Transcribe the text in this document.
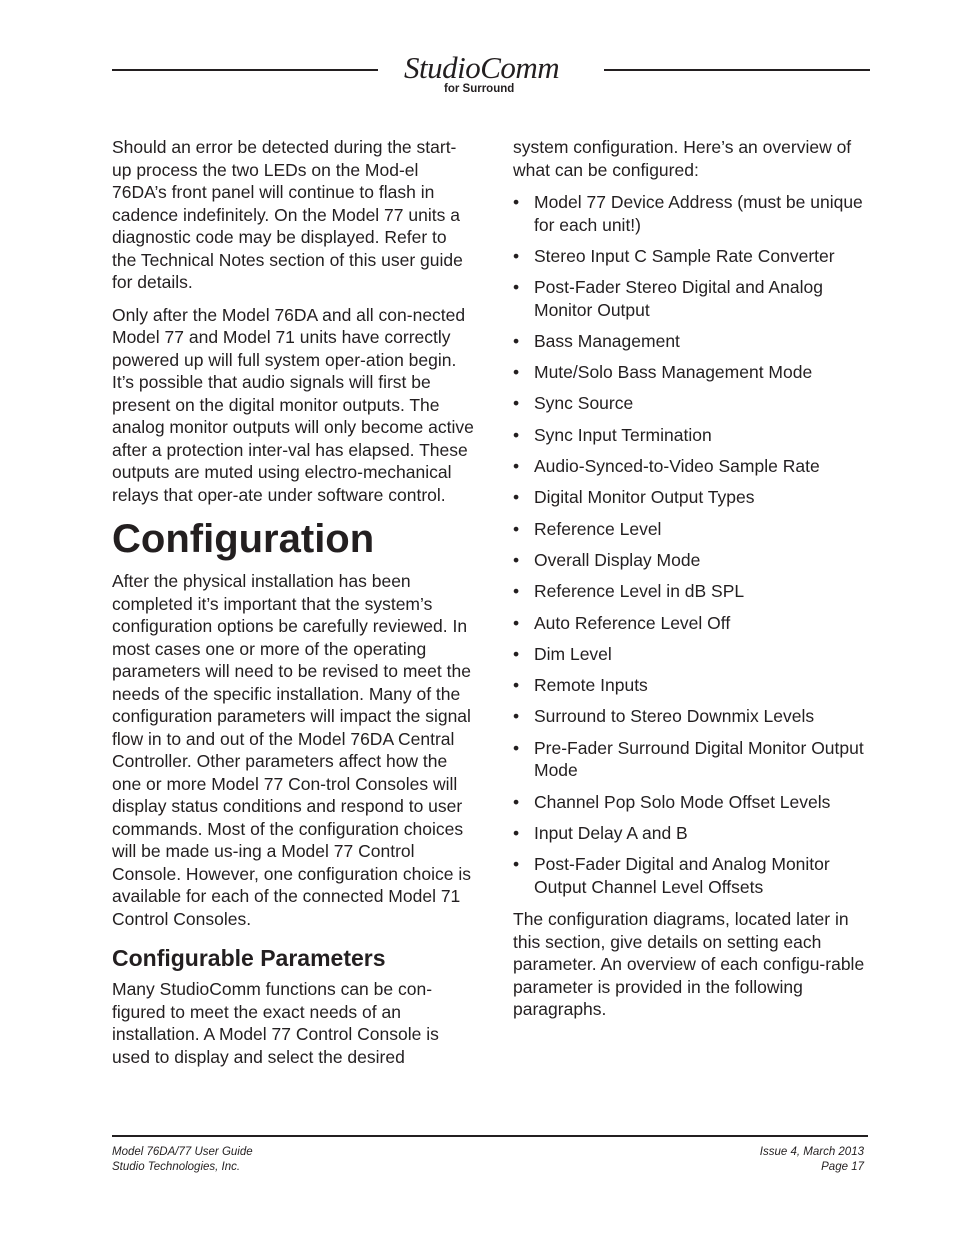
StudioComm
for Surround

Should an error be detected during the start-up process the two LEDs on the Mod-el 76DA’s front panel will continue to flash in cadence indefinitely. On the Model 77 units a diagnostic code may be displayed. Refer to the Technical Notes section of this user guide for details.

Only after the Model 76DA and all con-nected Model 77 and Model 71 units have correctly powered up will full system oper-ation begin. It’s possible that audio signals will first be present on the digital monitor outputs. The analog monitor outputs will only become active after a protection inter-val has elapsed. These outputs are muted using electro-mechanical relays that oper-ate under software control.

Configuration

After the physical installation has been completed it’s important that the system’s configuration options be carefully reviewed. In most cases one or more of the operating parameters will need to be revised to meet the needs of the specific installation. Many of the configuration parameters will impact the signal flow in to and out of the Model 76DA Central Controller. Other parameters affect how the one or more Model 77 Con-trol Consoles will display status conditions and respond to user commands. Most of the configuration choices will be made us-ing a Model 77 Control Console. However, one configuration choice is available for each of the connected Model 71 Control Consoles.

Configurable Parameters

Many StudioComm functions can be con-figured to meet the exact needs of an installation. A Model 77 Control Console is used to display and select the desired

system configuration. Here’s an overview of what can be configured:

• Model 77 Device Address (must be unique for each unit!)
• Stereo Input C Sample Rate Converter
• Post-Fader Stereo Digital and Analog Monitor Output
• Bass Management
• Mute/Solo Bass Management Mode
• Sync Source
• Sync Input Termination
• Audio-Synced-to-Video Sample Rate
• Digital Monitor Output Types
• Reference Level
• Overall Display Mode
• Reference Level in dB SPL
• Auto Reference Level Off
• Dim Level
• Remote Inputs
• Surround to Stereo Downmix Levels
• Pre-Fader Surround Digital Monitor Output Mode
• Channel Pop Solo Mode Offset Levels
• Input Delay A and B
• Post-Fader Digital and Analog Monitor Output Channel Level Offsets

The configuration diagrams, located later in this section, give details on setting each parameter. An overview of each configu-rable parameter is provided in the following paragraphs.

Model 76DA/77 User Guide
Studio Technologies, Inc.
Issue 4, March 2013
Page 17
